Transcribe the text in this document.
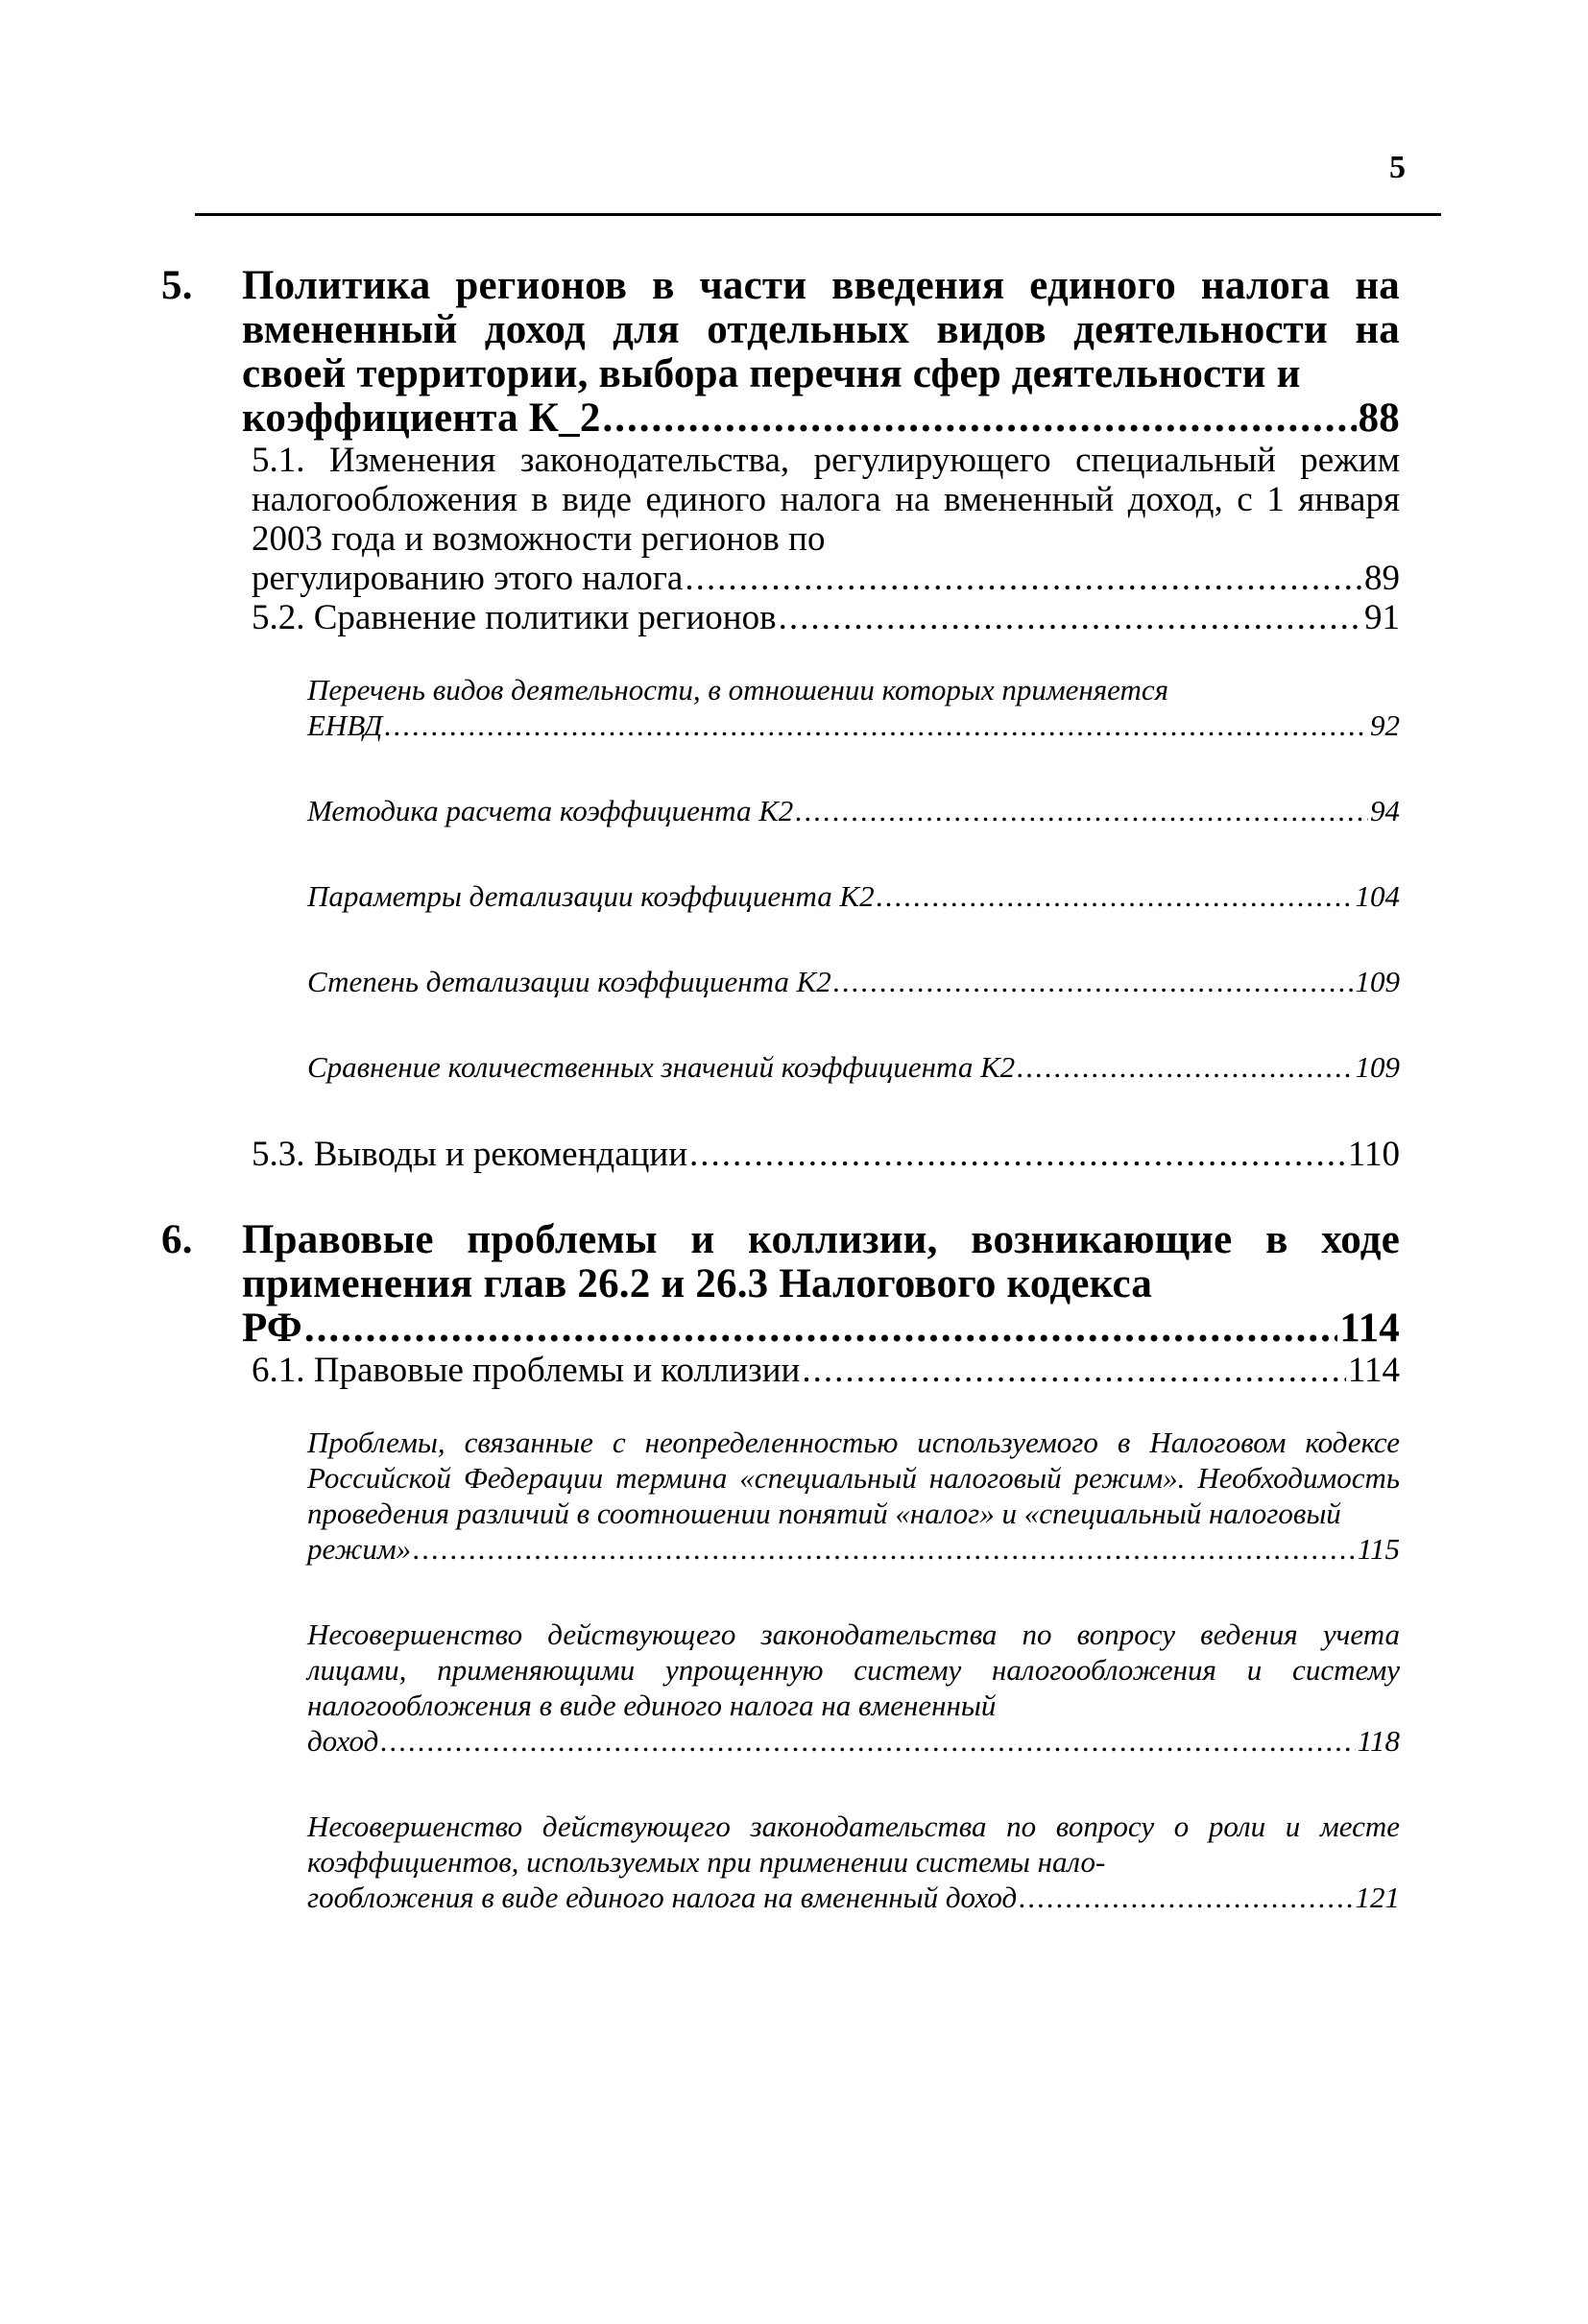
5
5. Политика регионов в части введения единого налога на вмененный доход для отдельных видов деятельности на своей территории, выбора перечня сфер деятельности и
коэффициента К_2 .....	88
5.1. Изменения законодательства, регулирующего специальный режим налогообложения в виде единого налога на вмененный доход, с 1 января 2003 года и возможности регионов по
регулированию этого налога .....	89
5.2. Сравнение политики регионов .....	91
Перечень видов деятельности, в отношении которых применяется
ЕНВД .....	92
Методика расчета коэффициента К2 .....	94
Параметры детализации коэффициента К2 .....	104
Степень детализации коэффициента К2 .....	109
Сравнение количественных значений коэффициента К2 .....	109
5.3. Выводы и рекомендации .....	110
6. Правовые проблемы и коллизии, возникающие в ходе применения глав 26.2 и 26.3 Налогового кодекса
РФ .....	114
6.1. Правовые проблемы и коллизии .....	114
Проблемы, связанные с неопределенностью используемого в Налоговом кодексе Российской Федерации термина «специальный налоговый режим». Необходимость проведения различий в соотношении понятий «налог» и «специальный налоговый
режим» .....	115
Несовершенство действующего законодательства по вопросу ведения учета лицами, применяющими упрощенную систему налогообложения и систему налогообложения в виде единого налога на вмененный
доход .....	118
Несовершенство действующего законодательства по вопросу о роли и месте коэффициентов, используемых при применении системы нало-
гообложения в виде единого налога на вмененный доход .....	121
